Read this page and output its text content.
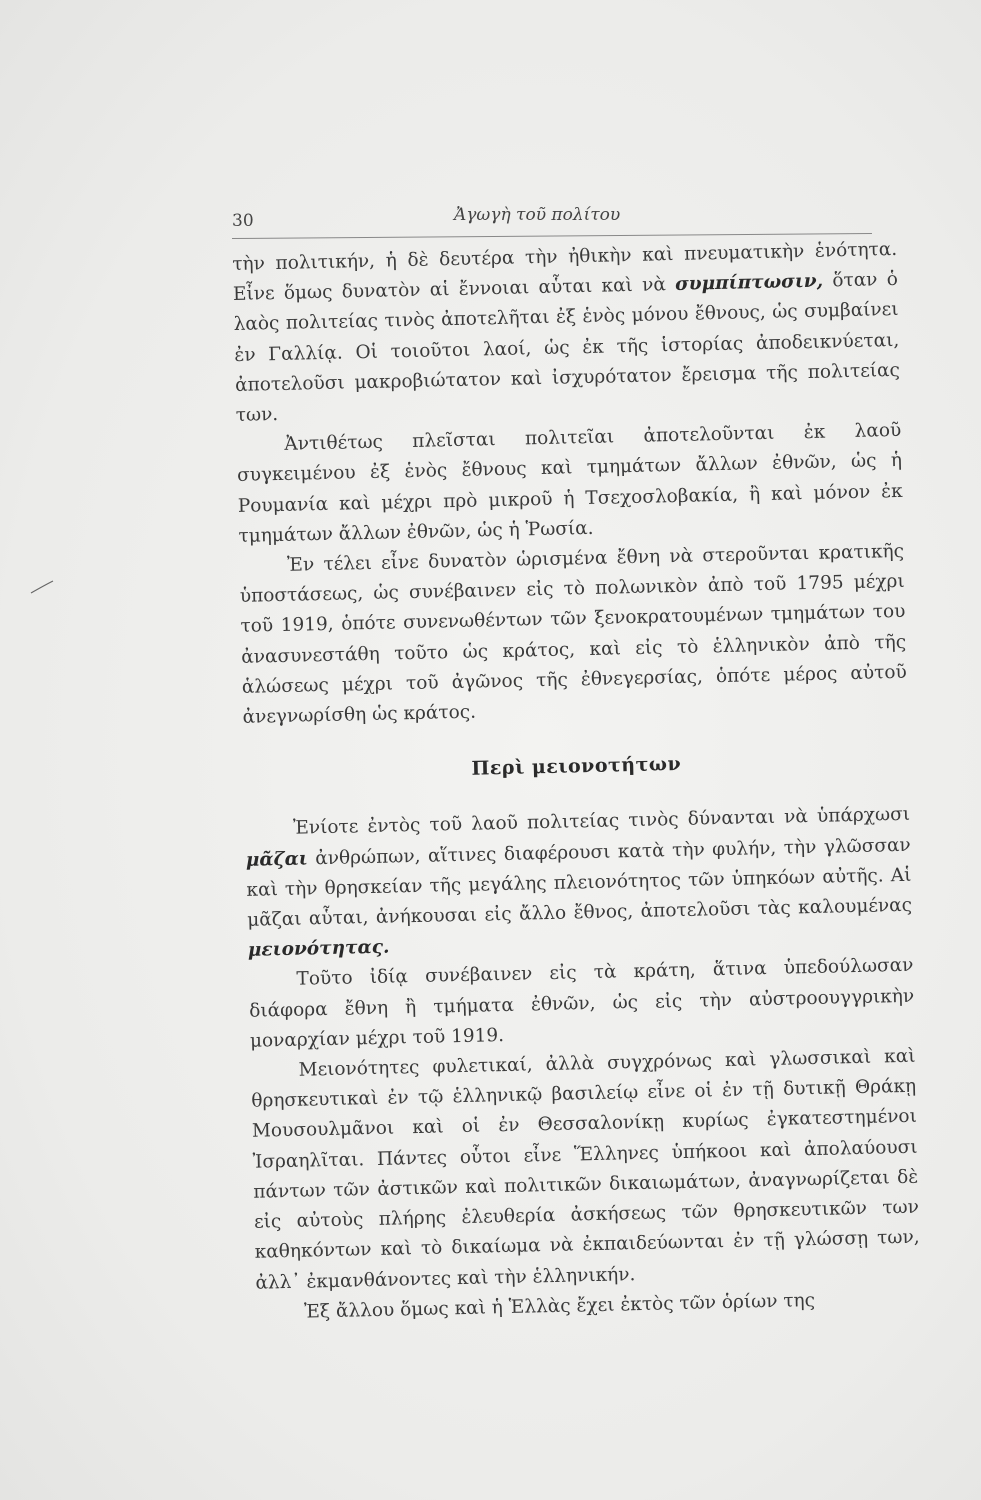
30	Ἀγωγὴ τοῦ πολίτου

τὴν πολιτικήν, ἡ δὲ δευτέρα τὴν ἠθικὴν καὶ πνευματικὴν ἑνότητα. Εἶνε ὅμως δυνατὸν αἱ ἔννοιαι αὗται καὶ νὰ συμπίπτωσιν, ὅταν ὁ λαὸς πολιτείας τινὸς ἀποτελῆται ἐξ ἑνὸς μόνου ἔθνους, ὡς συμβαίνει ἐν Γαλλίᾳ. Οἱ τοιοῦτοι λαοί, ὡς ἐκ τῆς ἱστορίας ἀποδεικνύεται, ἀποτελοῦσι μακροβιώτατον καὶ ἰσχυρότατον ἔρεισμα τῆς πολιτείας των.

Ἀντιθέτως πλεῖσται πολιτεῖαι ἀποτελοῦνται ἐκ λαοῦ συγκειμένου ἐξ ἑνὸς ἔθνους καὶ τμημάτων ἄλλων ἐθνῶν, ὡς ἡ Ρουμανία καὶ μέχρι πρὸ μικροῦ ἡ Τσεχοσλοβακία, ἢ καὶ μόνον ἐκ τμημάτων ἄλλων ἐθνῶν, ὡς ἡ Ῥωσία.

Ἐν τέλει εἶνε δυνατὸν ὡρισμένα ἔθνη νὰ στεροῦνται κρατικῆς ὑποστάσεως, ὡς συνέβαινεν εἰς τὸ πολωνικὸν ἀπὸ τοῦ 1795 μέχρι τοῦ 1919, ὁπότε συνενωθέντων τῶν ξενοκρατουμένων τμημάτων του ἀνασυνεστάθη τοῦτο ὡς κράτος, καὶ εἰς τὸ ἑλληνικὸν ἀπὸ τῆς ἁλώσεως μέχρι τοῦ ἀγῶνος τῆς ἐθνεγερσίας, ὁπότε μέρος αὐτοῦ ἀνεγνωρίσθη ὡς κράτος.

Περὶ μειονοτήτων

Ἐνίοτε ἐντὸς τοῦ λαοῦ πολιτείας τινὸς δύνανται νὰ ὑπάρχωσι μᾶζαι ἀνθρώπων, αἵτινες διαφέρουσι κατὰ τὴν φυλήν, τὴν γλῶσσαν καὶ τὴν θρησκείαν τῆς μεγάλης πλειονότητος τῶν ὑπηκόων αὐτῆς. Αἱ μᾶζαι αὗται, ἀνήκουσαι εἰς ἄλλο ἔθνος, ἀποτελοῦσι τὰς καλουμένας μειονότητας.

Τοῦτο ἰδίᾳ συνέβαινεν εἰς τὰ κράτη, ἅτινα ὑπεδούλωσαν διάφορα ἔθνη ἢ τμήματα ἐθνῶν, ὡς εἰς τὴν αὐστροουγγρικὴν μοναρχίαν μέχρι τοῦ 1919.

Μειονότητες φυλετικαί, ἀλλὰ συγχρόνως καὶ γλωσσικαὶ καὶ θρησκευτικαὶ ἐν τῷ ἑλληνικῷ βασιλείῳ εἶνε οἱ ἐν τῇ δυτικῇ Θράκῃ Μουσουλμᾶνοι καὶ οἱ ἐν Θεσσαλονίκῃ κυρίως ἐγκατεστημένοι Ἰσραηλῖται. Πάντες οὗτοι εἶνε Ἕλληνες ὑπήκοοι καὶ ἀπολαύουσι πάντων τῶν ἀστικῶν καὶ πολιτικῶν δικαιωμάτων, ἀναγνωρίζεται δὲ εἰς αὐτοὺς πλήρης ἐλευθερία ἀσκήσεως τῶν θρησκευτικῶν των καθηκόντων καὶ τὸ δικαίωμα νὰ ἐκπαιδεύωνται ἐν τῇ γλώσσῃ των, ἀλλ᾽ ἐκμανθάνοντες καὶ τὴν ἑλληνικήν.

Ἐξ ἄλλου ὅμως καὶ ἡ Ἑλλὰς ἔχει ἐκτὸς τῶν ὁρίων της
